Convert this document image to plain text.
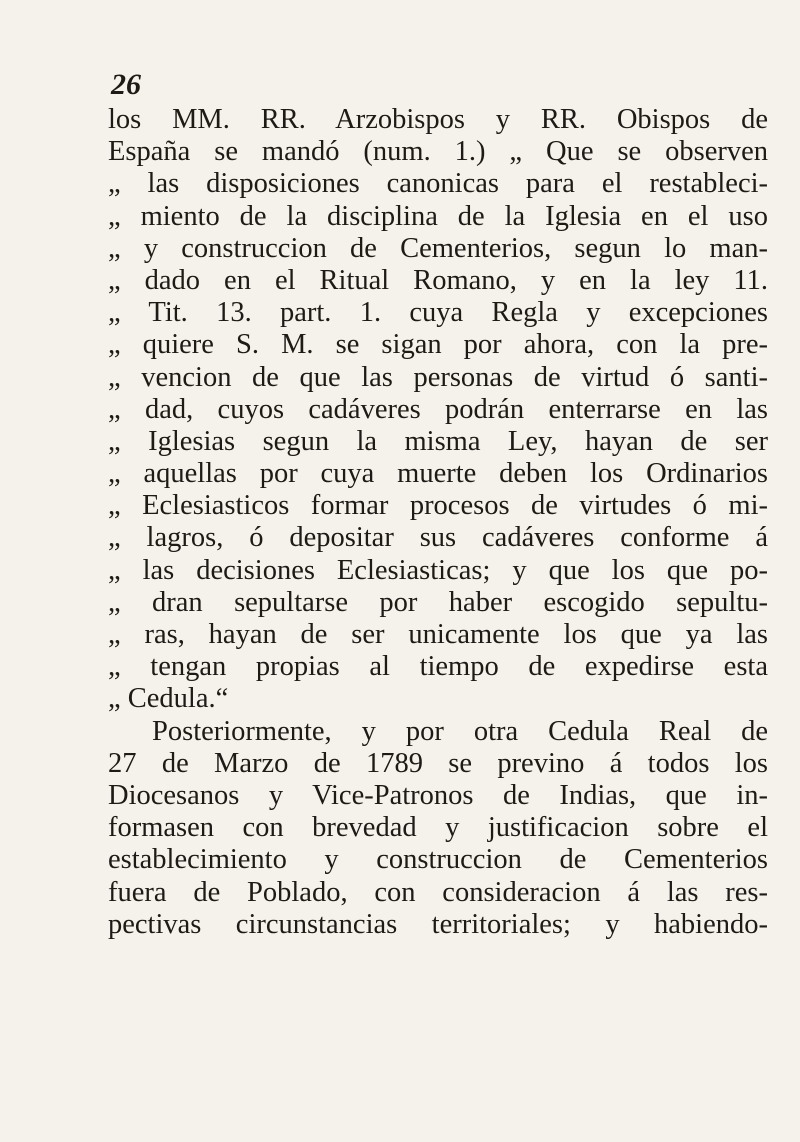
26
los MM. RR. Arzobispos y RR. Obispos de
España se mandó (num. 1.) „ Que se observen
„ las disposiciones canonicas para el restableci-
„ miento de la disciplina de la Iglesia en el uso
„ y construccion de Cementerios, segun lo man-
„ dado en el Ritual Romano, y en la ley 11.
„ Tit. 13. part. 1. cuya Regla y excepciones
„ quiere S. M. se sigan por ahora, con la pre-
„ vencion de que las personas de virtud ó santi-
„ dad, cuyos cadáveres podrán enterrarse en las
„ Iglesias segun la misma Ley, hayan de ser
„ aquellas por cuya muerte deben los Ordinarios
„ Eclesiasticos formar procesos de virtudes ó mi-
„ lagros, ó depositar sus cadáveres conforme á
„ las decisiones Eclesiasticas; y que los que po-
„ dran sepultarse por haber escogido sepultu-
„ ras, hayan de ser unicamente los que ya las
„ tengan propias al tiempo de expedirse esta
„ Cedula.“
Posteriormente, y por otra Cedula Real de
27 de Marzo de 1789 se previno á todos los
Diocesanos y Vice-Patronos de Indias, que in-
formasen con brevedad y justificacion sobre el
establecimiento y construccion de Cementerios
fuera de Poblado, con consideracion á las res-
pectivas circunstancias territoriales; y habiendo-
